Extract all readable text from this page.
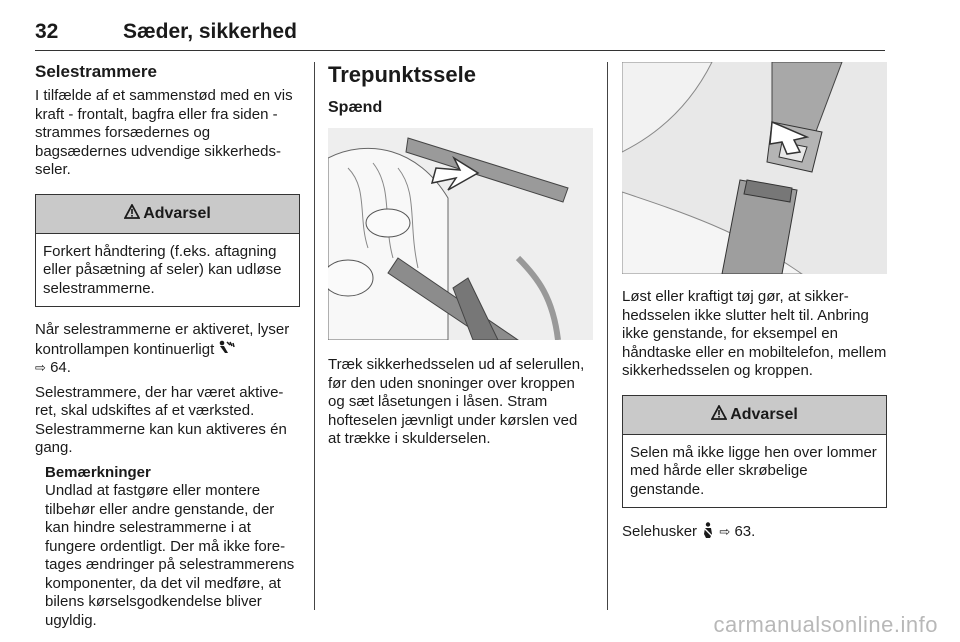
32	Sæder, sikkerhed
Selestrammere

I tilfælde af et sammenstød med en vis kraft - frontalt, bagfra eller fra siden - strammes forsædernes og bagsædernes udvendige sikkerhedsseler.

Advarsel
Forkert håndtering (f.eks. aftagning eller påsætning af seler) kan udløse selestrammerne.

Når selestrammerne er aktiveret, lyser kontrollampen kontinuerligt
⇨ 64.

Selestrammere, der har været aktiveret, skal udskiftes af et værksted. Selestrammerne kan kun aktiveres én gang.

Bemærkninger

Undlad at fastgøre eller montere tilbehør eller andre genstande, der kan hindre selestrammerne i at fungere ordentligt. Der må ikke foretages ændringer på selestrammerens komponenter, da det vil medføre, at bilens kørselsgodkendelse bliver ugyldig.

Trepunktssele
Spænd

Træk sikkerhedsselen ud af selerullen, før den uden snoninger over kroppen og sæt låsetungen i låsen. Stram hofteselen jævnligt under kørslen ved at trække i skulderselen.

Løst eller kraftigt tøj gør, at sikkerhedsselen ikke slutter helt til. Anbring ikke genstande, for eksempel en håndtaske eller en mobiltelefon, mellem sikkerhedsselen og kroppen.

Advarsel
Selen må ikke ligge hen over lommer med hårde eller skrøbelige genstande.

Selehusker ⇨ 63.

carmanualsonline.info
